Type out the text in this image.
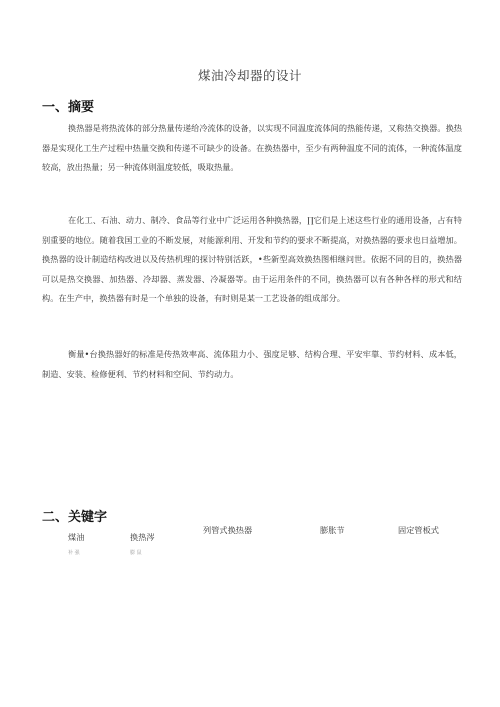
煤油冷却器的设计
一、摘要
换热器是将热流体的部分热量传递给冷流体的设备，以实现不同温度流体间的热能传递，又称热交换器。换热器是实现化工生产过程中热量交换和传递不可缺少的设备。在换热器中，至少有两种温度不同的流体，一种流体温度较高，放出热量；另一种流体则温度较低，吸取热量。
在化工、石油、动力、制冷、食品等行业中广泛运用各种换热器，∏它们是上述这些行业的通用设备，占有特别重要的地位。随着我国工业的不断发展，对能源利用、开发和节约的要求不断提高，对换热器的要求也日益增加。换热器的设计制造结构改进以及传热机理的探讨特别活跃，•些新型高效换热图相继问世。依据不同的目的，换热器可以是热交换器、加热器、冷却器、蒸发器、冷凝器等。由于运用条件的不同，换热器可以有各种各样的形式和结构。在生产中，换热器有时是一个单独的设备，有时则是某一工艺设备的组成部分。
衡量•台换热器好的标准是传热效率高、流体阻力小、强度足够、结构合理、平安牢靠、节约材料、成本低，制造、安装、检修便利、节约材料和空间、节约动力。
二、关键字
煤油	换热涔
列管式换热器	膨胀节	固定管板式
补 强	膨 鼠
